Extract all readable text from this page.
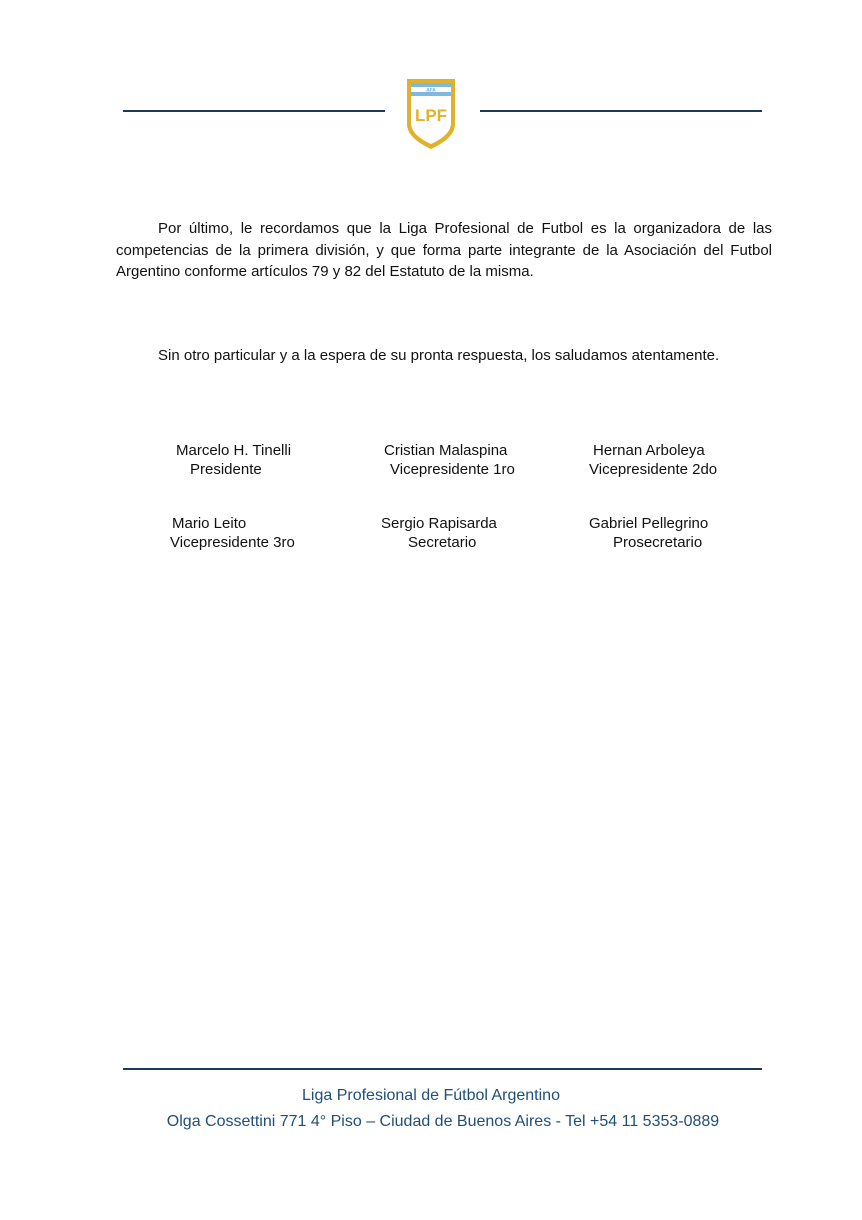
AFA
LPF
Por último, le recordamos que la Liga Profesional de Futbol es la organizadora de las competencias de la primera división, y que forma parte integrante de la Asociación del Futbol Argentino conforme artículos 79 y 82 del Estatuto de la misma.
Sin otro particular y a la espera de su pronta respuesta, los saludamos atentamente.
Marcelo H. Tinelli
Presidente
Cristian Malaspina
Vicepresidente 1ro
Hernan Arboleya
Vicepresidente 2do
Mario Leito
Vicepresidente 3ro
Sergio Rapisarda
Secretario
Gabriel Pellegrino
Prosecretario
Liga Profesional de Fútbol Argentino
Olga Cossettini 771 4° Piso – Ciudad de Buenos Aires - Tel +54 11 5353-0889
